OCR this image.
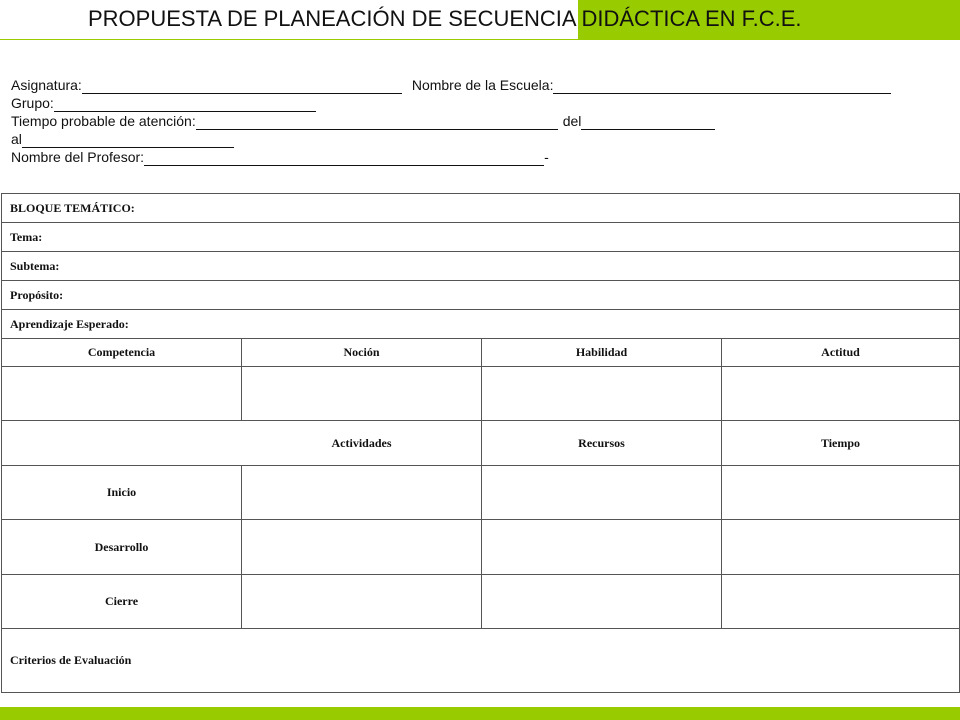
PROPUESTA DE PLANEACIÓN DE SECUENCIA DIDÁCTICA EN F.C.E.
Asignatura:	Nombre de la Escuela:
Grupo:
Tiempo probable de atención:	del
al
Nombre del Profesor:	-
BLOQUE TEMÁTICO:			
Tema:			
Subtema:			
Propósito:			
Aprendizaje Esperado:			
Competencia	Noción	Habilidad	Actitud

Actividades		Recursos	Tiempo
Inicio			
Desarrollo			
Cierre			
Criterios de Evaluación			
